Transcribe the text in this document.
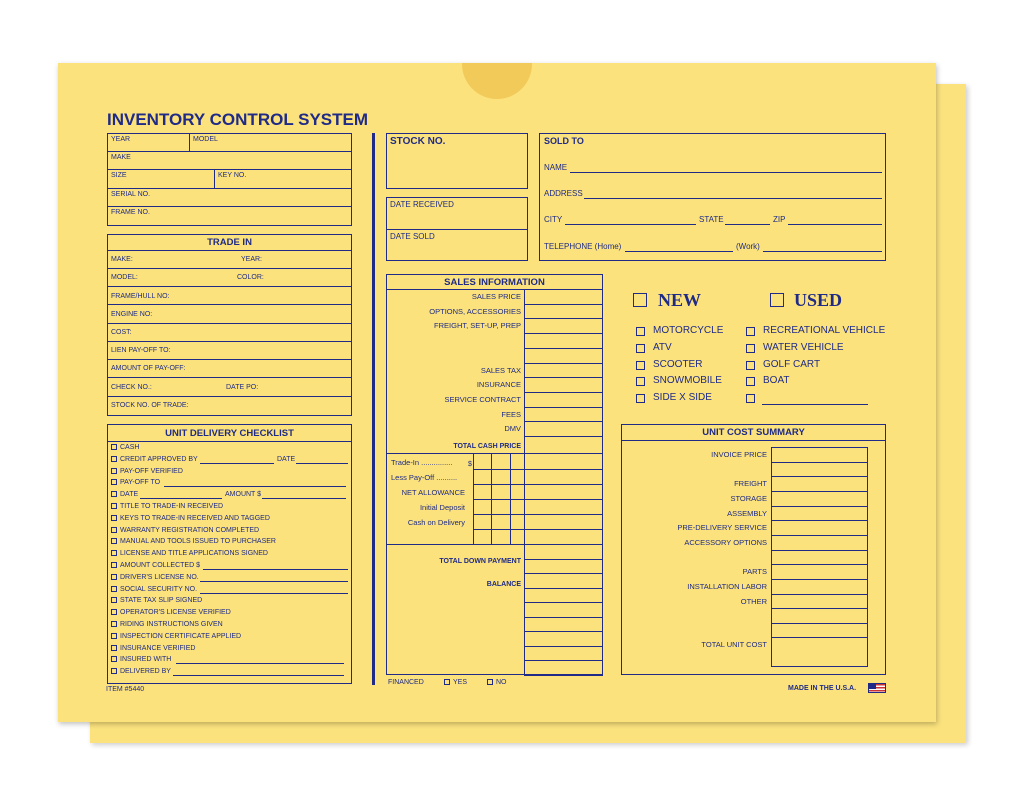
INVENTORY CONTROL SYSTEM
YEAR	MODEL
MAKE
SIZE	KEY NO.
SERIAL NO.
FRAME NO.
TRADE IN
MAKE:	YEAR:
MODEL:	COLOR:
FRAME/HULL NO:
ENGINE NO:
COST:
LIEN PAY-OFF TO:
AMOUNT OF PAY-OFF:
CHECK NO.:	DATE PO:
STOCK NO. OF TRADE:
UNIT DELIVERY CHECKLIST
CASH
CREDIT APPROVED BY
PAY-OFF VERIFIED
PAY-OFF TO
DATE
TITLE TO TRADE-IN RECEIVED
KEYS TO TRADE-IN RECEIVED AND TAGGED
WARRANTY REGISTRATION COMPLETED
MANUAL AND TOOLS ISSUED TO PURCHASER
LICENSE AND TITLE APPLICATIONS SIGNED
AMOUNT COLLECTED $
DRIVER'S LICENSE NO.
SOCIAL SECURITY NO.
STATE TAX SLIP SIGNED
OPERATOR'S LICENSE VERIFIED
RIDING INSTRUCTIONS GIVEN
INSPECTION CERTIFICATE APPLIED
INSURANCE VERIFIED
INSURED WITH
DELIVERED BY
DATE
AMOUNT $
ITEM #5440
STOCK NO.
DATE RECEIVED
DATE SOLD
SOLD TO
NAME
ADDRESS
CITY	STATE	ZIP
TELEPHONE (Home)	(Work)
SALES INFORMATION
SALES PRICE
OPTIONS, ACCESSORIES
FREIGHT, SET-UP, PREP
SALES TAX
INSURANCE
SERVICE CONTRACT
FEES
DMV
TOTAL CASH PRICE
$
Trade-In ...............
Less Pay-Off ..........
NET ALLOWANCE
Initial Deposit
Cash on Delivery
TOTAL DOWN PAYMENT
BALANCE
FINANCED	YES	NO
NEW	USED
MOTORCYCLE
ATV
SCOOTER
SNOWMOBILE
SIDE X SIDE
RECREATIONAL VEHICLE
WATER VEHICLE
GOLF CART
BOAT
UNIT COST SUMMARY
INVOICE PRICE
FREIGHT
STORAGE
ASSEMBLY
PRE-DELIVERY SERVICE
ACCESSORY OPTIONS
PARTS
INSTALLATION LABOR
OTHER
TOTAL UNIT COST
MADE IN THE U.S.A.
